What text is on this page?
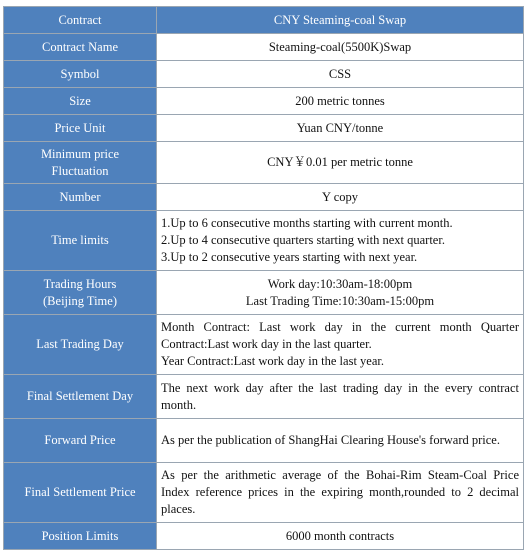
Contract	CNY Steaming-coal Swap
Contract Name	Steaming-coal(5500K)Swap
Symbol	CSS
Size	200 metric tonnes
Price Unit	Yuan CNY/tonne

Minimum price
Fluctuation	CNY￥0.01 per metric tonne
Number	Y copy
Time limits	1.Up to 6 consecutive months starting with current month.
2.Up to 4 consecutive quarters starting with next quarter.
3.Up to 2 consecutive years starting with next year.

Trading Hours
(Beijing Time)	Work day:10:30am-18:00pm
Last Trading Time:10:30am-15:00pm

Last Trading Day	Month Contract: Last work day in the current month Quarter Contract:Last work day in the last quarter.
Year Contract:Last work day in the last year.

Final Settlement Day	The next work day after the last trading day in the every contract month.
Forward Price	As per the publication of ShangHai Clearing House's forward price.
Final Settlement Price	As per the arithmetic average of the Bohai-Rim Steam-Coal Price Index reference prices in the expiring month,rounded to 2 decimal places.
Position Limits	6000 month contracts
